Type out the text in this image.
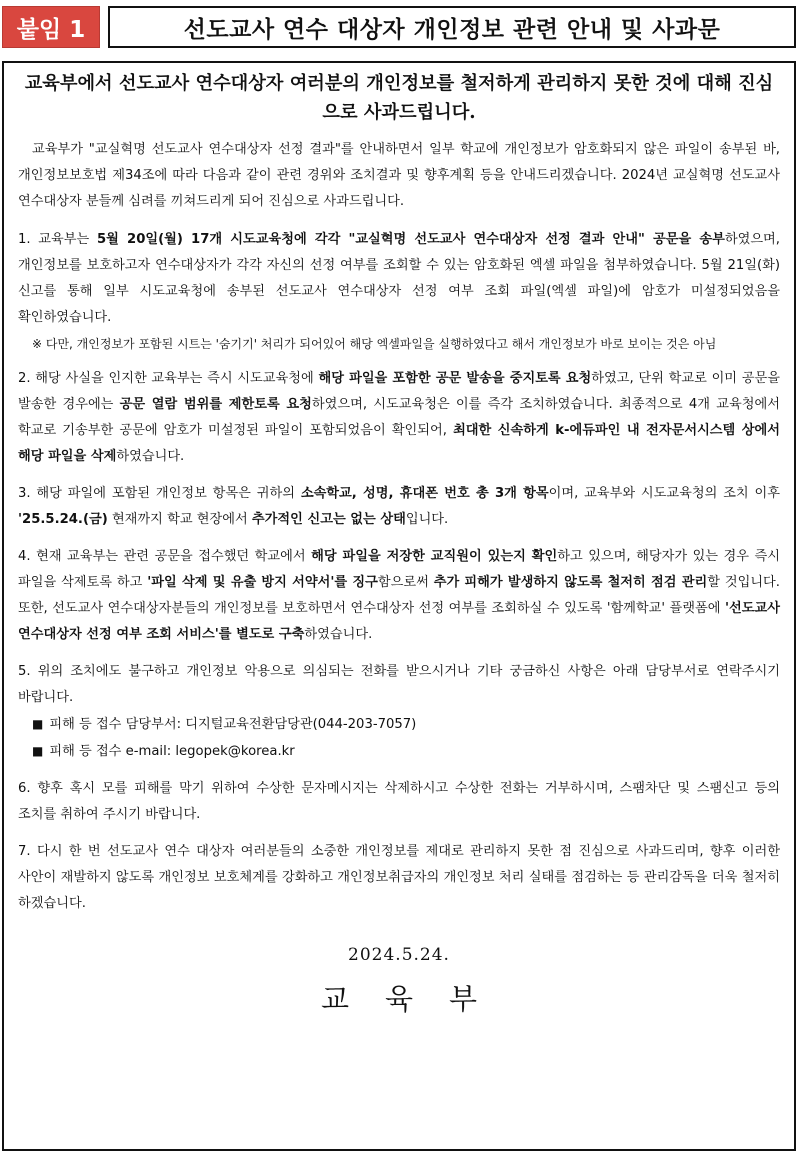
붙임 1	선도교사 연수 대상자 개인정보 관련 안내 및 사과문

교육부에서 선도교사 연수대상자 여러분의 개인정보를 철저하게 관리하지 못한 것에 대해 진심으로 사과드립니다.

교육부가 "교실혁명 선도교사 연수대상자 선정 결과"를 안내하면서 일부 학교에 개인정보가 암호화되지 않은 파일이 송부된 바, 개인정보보호법 제34조에 따라 다음과 같이 관련 경위와 조치결과 및 향후계획 등을 안내드리겠습니다. 2024년 교실혁명 선도교사 연수대상자 분들께 심려를 끼쳐드리게 되어 진심으로 사과드립니다.

1. 교육부는 5월 20일(월) 17개 시도교육청에 각각 "교실혁명 선도교사 연수대상자 선정 결과 안내" 공문을 송부하였으며, 개인정보를 보호하고자 연수대상자가 각각 자신의 선정 여부를 조회할 수 있는 암호화된 엑셀 파일을 첨부하였습니다. 5월 21일(화) 신고를 통해 일부 시도교육청에 송부된 선도교사 연수대상자 선정 여부 조회 파일(엑셀 파일)에 암호가 미설정되었음을 확인하였습니다.

※ 다만, 개인정보가 포함된 시트는 '숨기기' 처리가 되어있어 해당 엑셀파일을 실행하였다고 해서 개인정보가 바로 보이는 것은 아님

2. 해당 사실을 인지한 교육부는 즉시 시도교육청에 해당 파일을 포함한 공문 발송을 중지토록 요청하였고, 단위 학교로 이미 공문을 발송한 경우에는 공문 열람 범위를 제한토록 요청하였으며, 시도교육청은 이를 즉각 조치하였습니다. 최종적으로 4개 교육청에서 학교로 기송부한 공문에 암호가 미설정된 파일이 포함되었음이 확인되어, 최대한 신속하게 k-에듀파인 내 전자문서시스템 상에서 해당 파일을 삭제하였습니다.

3. 해당 파일에 포함된 개인정보 항목은 귀하의 소속학교, 성명, 휴대폰 번호 총 3개 항목이며, 교육부와 시도교육청의 조치 이후 '25.5.24.(금) 현재까지 학교 현장에서 추가적인 신고는 없는 상태입니다.

4. 현재 교육부는 관련 공문을 접수했던 학교에서 해당 파일을 저장한 교직원이 있는지 확인하고 있으며, 해당자가 있는 경우 즉시 파일을 삭제토록 하고 '파일 삭제 및 유출 방지 서약서'를 징구함으로써 추가 피해가 발생하지 않도록 철저히 점검 관리할 것입니다. 또한, 선도교사 연수대상자분들의 개인정보를 보호하면서 연수대상자 선정 여부를 조회하실 수 있도록 '함께학교' 플랫폼에 '선도교사 연수대상자 선정 여부 조회 서비스'를 별도로 구축하였습니다.

5. 위의 조치에도 불구하고 개인정보 악용으로 의심되는 전화를 받으시거나 기타 궁금하신 사항은 아래 담당부서로 연락주시기 바랍니다.

■ 피해 등 접수 담당부서: 디지털교육전환담당관(044-203-7057)
■ 피해 등 접수 e-mail: legopek@korea.kr

6. 향후 혹시 모를 피해를 막기 위하여 수상한 문자메시지는 삭제하시고 수상한 전화는 거부하시며, 스팸차단 및 스팸신고 등의 조치를 취하여 주시기 바랍니다.

7. 다시 한 번 선도교사 연수 대상자 여러분들의 소중한 개인정보를 제대로 관리하지 못한 점 진심으로 사과드리며, 향후 이러한 사안이 재발하지 않도록 개인정보 보호체계를 강화하고 개인정보취급자의 개인정보 처리 실태를 점검하는 등 관리감독을 더욱 철저히 하겠습니다.

2024.5.24.
교육부
